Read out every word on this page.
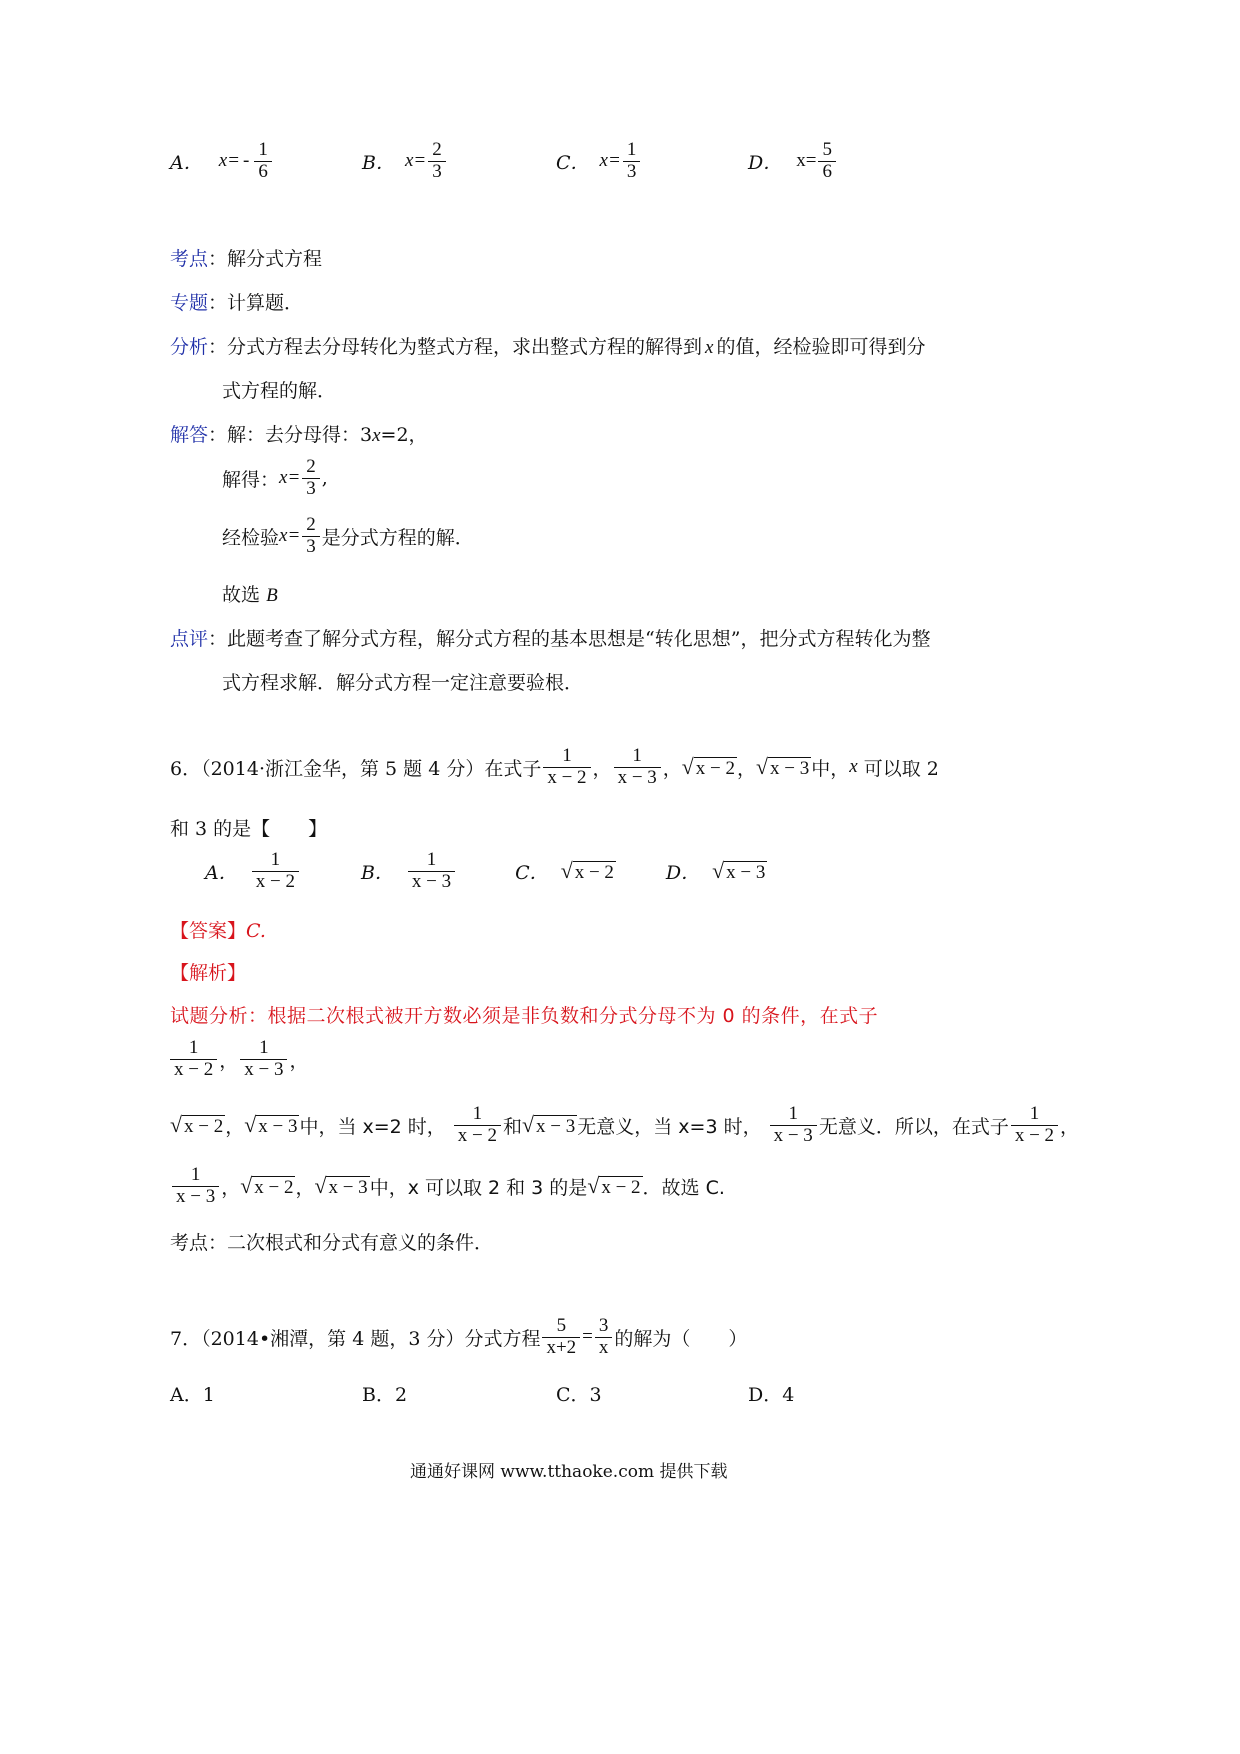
A． $x= - \frac{1}{6}$	B． $x= \frac{2}{3}$	C． $x= \frac{1}{3}$	D． $x= \frac{5}{6}$
考点：解分式方程
专题：计算题．
分析：分式方程去分母转化为整式方程，求出整式方程的解得到 x 的值，经检验即可得到分
式方程的解．
解答：解：去分母得：3x=2，
解得： $x= \frac{2}{3}$ ,
经检验 $x= \frac{2}{3}$ 是分式方程的解．
故选 B
点评：此题考查了解分式方程，解分式方程的基本思想是“转化思想”，把分式方程转化为整
式方程求解．解分式方程一定注意要验根．
6．（2014·浙江金华，第 5 题 4 分）在式子 $\frac{1}{x - 2}$ ， $\frac{1}{x - 3}$ ， √ x − 2 ， √ x − 3 中， x 可以取 2
和 3 的是【　　】
A． $\frac{1}{x - 2}$	B． $\frac{1}{x - 3}$	C． √ x − 2	D． √ x − 3
【答案】C.
【解析】
试题分析：根据二次根式被开方数必须是非负数和分式分母不为 0 的条件，在式子
$\frac{1}{x - 2}$ ， $\frac{1}{x - 3}$ ，
√ x − 2 ， √ x − 3 中，当 x=2 时， $\frac{1}{x - 2}$ 和 √ x − 3 无意义，当 x=3 时， $\frac{1}{x - 3}$ 无意义．所以，在式子 $\frac{1}{x - 2}$ ，
$\frac{1}{x - 3}$ ， √ x − 2 ， √ x − 3 中，x 可以取 2 和 3 的是 √ x − 2 ．故选 C.
考点：二次根式和分式有意义的条件．
7．（2014•湘潭，第 4 题，3 分）分式方程 $\frac{5}{x+2} = \frac{3}{x}$ 的解为（　　）
A．1	B．2	C．3	D．4
通通好课网 www.tthaoke.com 提供下载
